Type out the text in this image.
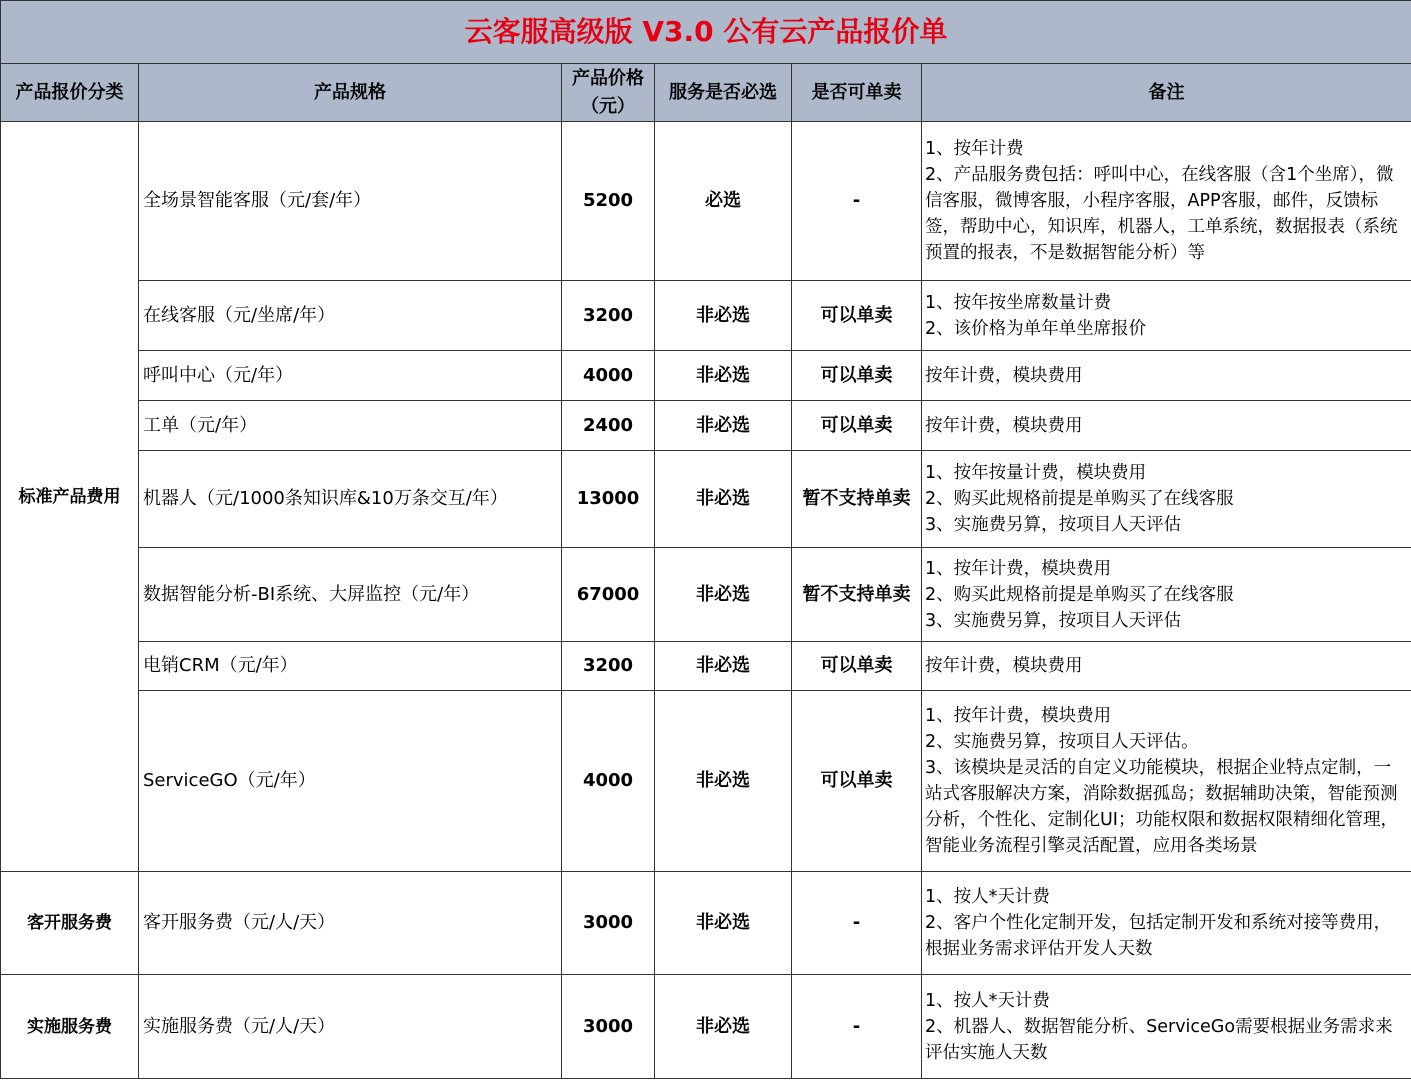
云客服高级版 V3.0 公有云产品报价单					
产品报价分类	产品规格	产品价格（元）	服务是否必选	是否可单卖	备注
标准产品费用	全场景智能客服（元/套/年）	5200	必选	-	1、按年计费
2、产品服务费包括：呼叫中心，在线客服（含1个坐席），微信客服，微博客服，小程序客服，APP客服，邮件，反馈标签，帮助中心，知识库，机器人，工单系统，数据报表（系统预置的报表，不是数据智能分析）等

	在线客服（元/坐席/年）	3200	非必选	可以单卖	1、按年按坐席数量计费
2、该价格为单年单坐席报价

	呼叫中心（元/年）	4000	非必选	可以单卖	按年计费，模块费用

	工单（元/年）	2400	非必选	可以单卖	按年计费，模块费用

	机器人（元/1000条知识库&10万条交互/年）	13000	非必选	暂不支持单卖	1、按年按量计费，模块费用
2、购买此规格前提是单购买了在线客服
3、实施费另算，按项目人天评估

	数据智能分析-BI系统、大屏监控（元/年）	67000	非必选	暂不支持单卖	1、按年计费，模块费用
2、购买此规格前提是单购买了在线客服
3、实施费另算，按项目人天评估

	电销CRM（元/年）	3200	非必选	可以单卖	按年计费，模块费用

	ServiceGO（元/年）	4000	非必选	可以单卖	1、按年计费，模块费用
2、实施费另算，按项目人天评估。
3、该模块是灵活的自定义功能模块，根据企业特点定制，一站式客服解决方案，消除数据孤岛；数据辅助决策，智能预测分析，个性化、定制化UI；功能权限和数据权限精细化管理，智能业务流程引擎灵活配置，应用各类场景

客开服务费	客开服务费（元/人/天）	3000	非必选	-	1、按人*天计费
2、客户个性化定制开发，包括定制开发和系统对接等费用，根据业务需求评估开发人天数

实施服务费	实施服务费（元/人/天）	3000	非必选	-	1、按人*天计费
2、机器人、数据智能分析、ServiceGo需要根据业务需求来评估实施人天数
